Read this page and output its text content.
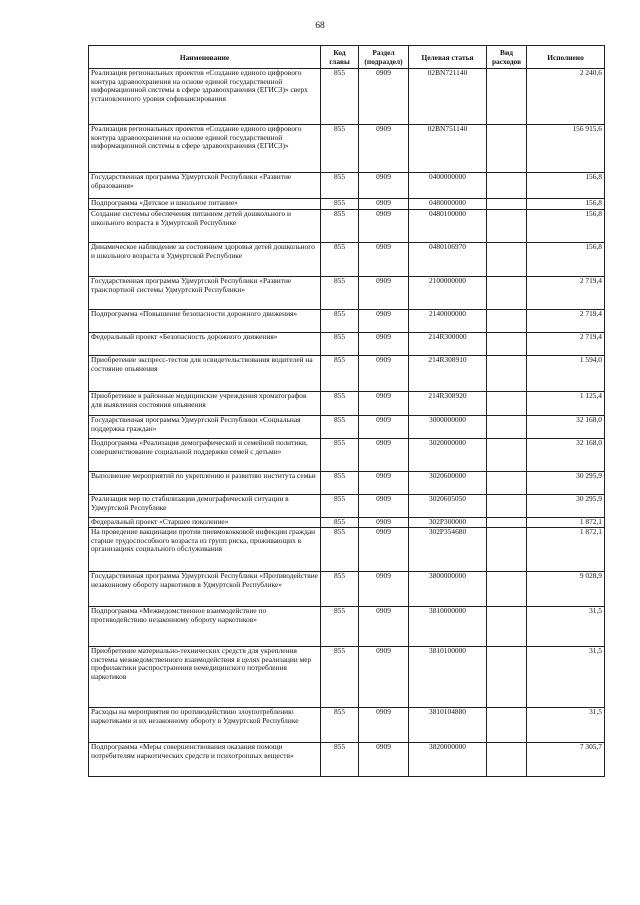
68
Наименование	Код главы	Раздел (подраздел)	Целевая статья	Вид расходов	Исполнено
Реализация региональных проектов «Создание единого цифрового контура здравоохранения на основе единой государственной информационной системы в сфере здравоохранения (ЕГИСЗ)» сверх установленного уровня софинансирования	855	0909	02ВN721140		2 240,6
Реализация региональных проектов «Создание единого цифрового контура здравоохранения на основе единой государственной информационной системы в сфере здравоохранения (ЕГИСЗ)»	855	0909	02ВN751140		156 915,6
Государственная программа Удмуртской Республики «Развитие образования»	855	0909	0400000000		156,8
Подпрограмма «Детское и школьное питание»	855	0909	0480000000		156,8
Создание системы обеспечения питанием детей дошкольного и школьного возраста в Удмуртской Республике	855	0909	0480100000		156,8
Динамическое наблюдение за состоянием здоровья детей дошкольного и школьного возраста в Удмуртской Республике	855	0909	0480106970		156,8
Государственная программа Удмуртской Республики «Развитие транспортной системы Удмуртской Республики»	855	0909	2100000000		2 719,4
Подпрограмма «Повышение безопасности дорожного движения»	855	0909	2140000000		2 719,4
Федеральный проект «Безопасность дорожного движения»	855	0909	214R300000		2 719,4
Приобретение экспресс-тестов для освидетельствования водителей на состояние опьянения	855	0909	214R308910		1 594,0
Приобретение в районные медицинские учреждения хроматографов для выявления состояния опьянения	855	0909	214R308920		1 125,4
Государственная программа Удмуртской Республики «Социальная поддержка граждан»	855	0909	3000000000		32 168,0
Подпрограмма «Реализация демографической и семейной политики, совершенствование социальной поддержки семей с детьми»	855	0909	3020000000		32 168,0
Выполнение мероприятий по укреплению и развитию института семьи	855	0909	3020600000		30 295,9
Реализация мер по стабилизации демографической ситуации в Удмуртской Республике	855	0909	3020605050		30 295,9
Федеральный проект «Старшее поколение»	855	0909	302Р300000		1 872,1
На проведение вакцинации против пневмококковой инфекции граждан старше трудоспособного возраста из групп риска, проживающих в организациях социального обслуживания	855	0909	302Р354680		1 872,1
Государственная программа Удмуртской Республики «Противодействие незаконному обороту наркотиков в Удмуртской Республике»	855	0909	3800000000		9 028,9
Подпрограмма «Межведомственное взаимодействие по противодействию незаконному обороту наркотиков»	855	0909	3810000000		31,5
Приобретение материально-технических средств для укрепления системы межведомственного взаимодействия в целях реализации мер профилактики распространения немедицинского потребления наркотиков	855	0909	3810100000		31,5
Расходы на мероприятия по противодействию злоупотреблению наркотиками и их незаконному обороту в Удмуртской Республике	855	0909	3810104880		31,5
Подпрограмма «Меры совершенствования оказания помощи потребителям наркотических средств и психотропных веществ»	855	0909	3820000000		7 305,7
